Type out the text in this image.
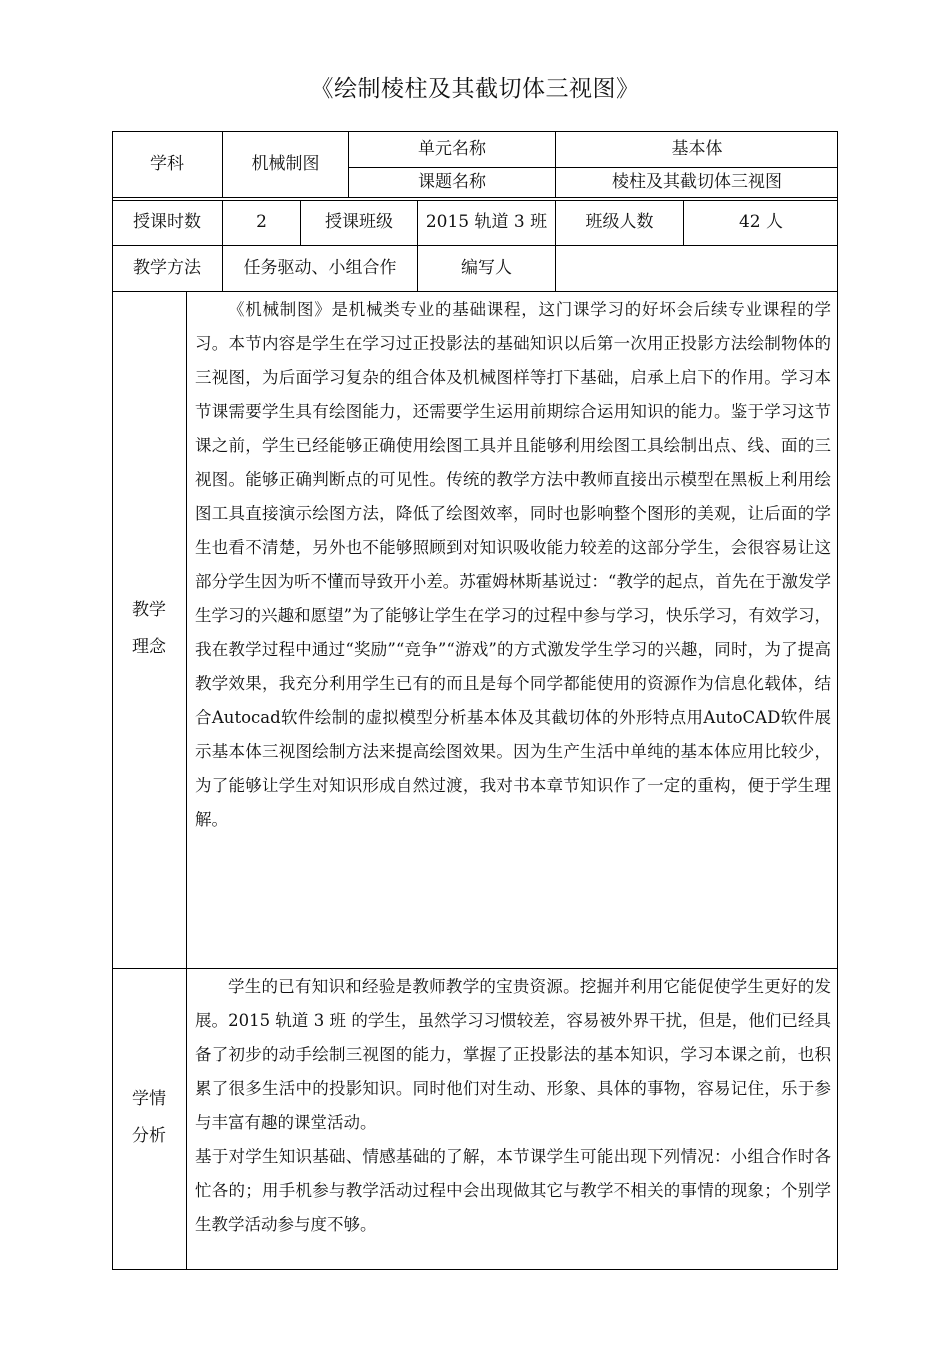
《绘制棱柱及其截切体三视图》
学科	机械制图
单元名称	基本体
课题名称	棱柱及其截切体三视图
授课时数	2	授课班级	2015 轨道 3 班	班级人数	42 人
教学方法	任务驱动、小组合作	编写人
教学
理念

《机械制图》是机械类专业的基础课程，这门课学习的好坏会后续专业课程的学习。本节内容是学生在学习过正投影法的基础知识以后第一次用正投影方法绘制物体的三视图，为后面学习复杂的组合体及机械图样等打下基础，启承上启下的作用。学习本节课需要学生具有绘图能力，还需要学生运用前期综合运用知识的能力。鉴于学习这节课之前，学生已经能够正确使用绘图工具并且能够利用绘图工具绘制出点、线、面的三视图。能够正确判断点的可见性。传统的教学方法中教师直接出示模型在黑板上利用绘图工具直接演示绘图方法，降低了绘图效率，同时也影响整个图形的美观，让后面的学生也看不清楚，另外也不能够照顾到对知识吸收能力较差的这部分学生，会很容易让这部分学生因为听不懂而导致开小差。苏霍姆林斯基说过：“教学的起点，首先在于激发学生学习的兴趣和愿望”为了能够让学生在学习的过程中参与学习，快乐学习，有效学习，我在教学过程中通过“奖励”“竞争”“游戏”的方式激发学生学习的兴趣，同时，为了提高教学效果，我充分利用学生已有的而且是每个同学都能使用的资源作为信息化载体，结合Autocad软件绘制的虚拟模型分析基本体及其截切体的外形特点用AutoCAD软件展示基本体三视图绘制方法来提高绘图效果。因为生产生活中单纯的基本体应用比较少，为了能够让学生对知识形成自然过渡，我对书本章节知识作了一定的重构，便于学生理解。

学情
分析

学生的已有知识和经验是教师教学的宝贵资源。挖掘并利用它能促使学生更好的发展。2015 轨道 3 班 的学生，虽然学习习惯较差，容易被外界干扰，但是，他们已经具备了初步的动手绘制三视图的能力，掌握了正投影法的基本知识，学习本课之前，也积累了很多生活中的投影知识。同时他们对生动、形象、具体的事物，容易记住，乐于参与丰富有趣的课堂活动。

基于对学生知识基础、情感基础的了解，本节课学生可能出现下列情况：小组合作时各忙各的；用手机参与教学活动过程中会出现做其它与教学不相关的事情的现象；个别学生教学活动参与度不够。
